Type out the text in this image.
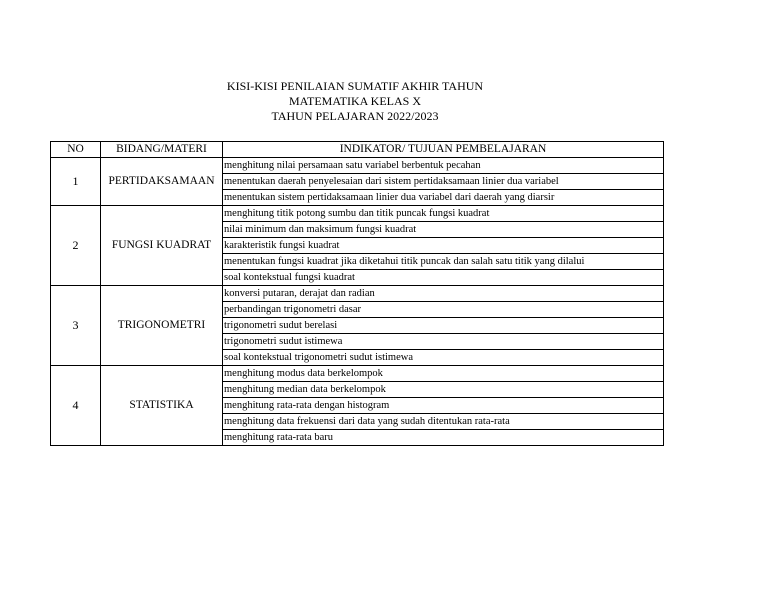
KISI-KISI PENILAIAN SUMATIF AKHIR TAHUN
MATEMATIKA KELAS X
TAHUN PELAJARAN 2022/2023
NO	BIDANG/MATERI	INDIKATOR/ TUJUAN PEMBELAJARAN
1	PERTIDAKSAMAAN	menghitung nilai persamaan satu variabel berbentuk pecahan
		menentukan daerah penyelesaian dari sistem pertidaksamaan linier dua variabel
		menentukan sistem pertidaksamaan linier dua variabel dari daerah yang diarsir
2	FUNGSI KUADRAT	menghitung titik potong sumbu dan titik puncak fungsi kuadrat
		nilai minimum dan maksimum fungsi kuadrat
		karakteristik fungsi kuadrat
		menentukan fungsi kuadrat jika diketahui titik puncak dan salah satu titik yang dilalui
		soal kontekstual fungsi kuadrat
3	TRIGONOMETRI	konversi putaran, derajat dan radian
		perbandingan trigonometri dasar
		trigonometri sudut berelasi
		trigonometri sudut istimewa
		soal kontekstual trigonometri sudut istimewa
4	STATISTIKA	menghitung modus data berkelompok
		menghitung median data berkelompok
		menghitung rata-rata dengan histogram
		menghitung data frekuensi dari data yang sudah ditentukan rata-rata
		menghitung rata-rata baru
